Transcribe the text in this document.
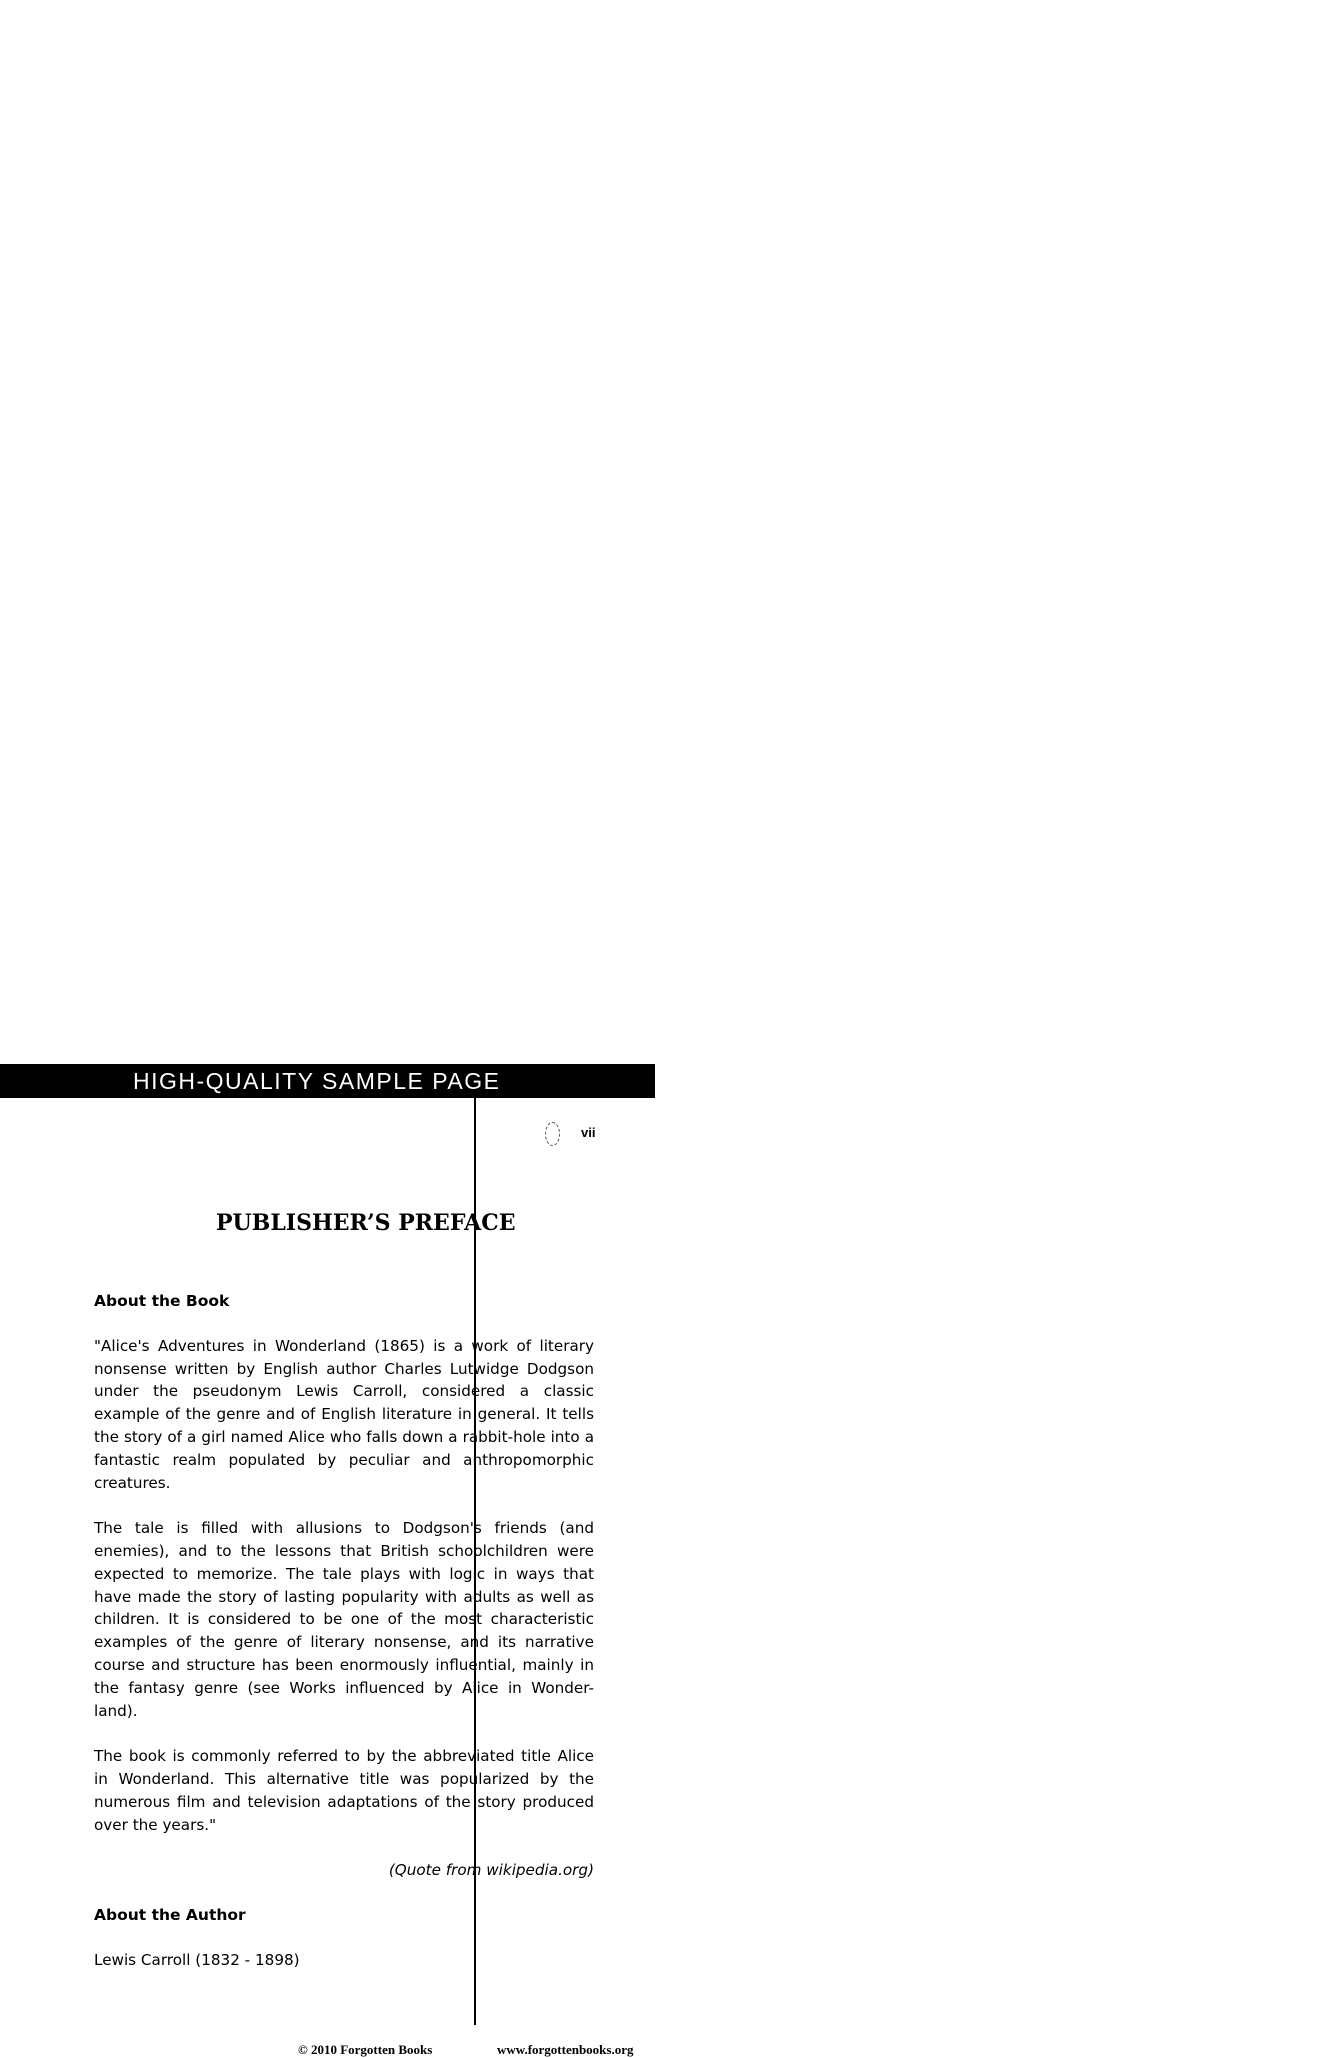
HIGH-QUALITY SAMPLE PAGE
vii
PUBLISHER’S PREFACE

About the Book

"Alice's Adventures in Wonderland (1865) is a work of literary nonsense written by English author Charles Lutwidge Dodgson under the pseudonym Lewis Carroll, considered a classic example of the genre and of English literature in general. It tells the story of a girl named Alice who falls down a rabbit-hole into a fantastic realm populated by peculiar and anthropomorphic creatures.

The tale is filled with allusions to Dodgson's friends (and enemies), and to the lessons that British schoolchildren were expected to memorize. The tale plays with logic in ways that have made the story of lasting popularity with adults as well as children. It is considered to be one of the most characteristic examples of the genre of literary nonsense, and its narrative course and structure has been enormously influential, mainly in the fantasy genre (see Works influenced by Alice in Wonder-land).

The book is commonly referred to by the abbreviated title Alice in Wonderland. This alternative title was popularized by the numerous film and television adaptations of the story produced over the years."

(Quote from wikipedia.org)

About the Author

Lewis Carroll (1832 - 1898)

© 2010 Forgotten Books	www.forgottenbooks.org
